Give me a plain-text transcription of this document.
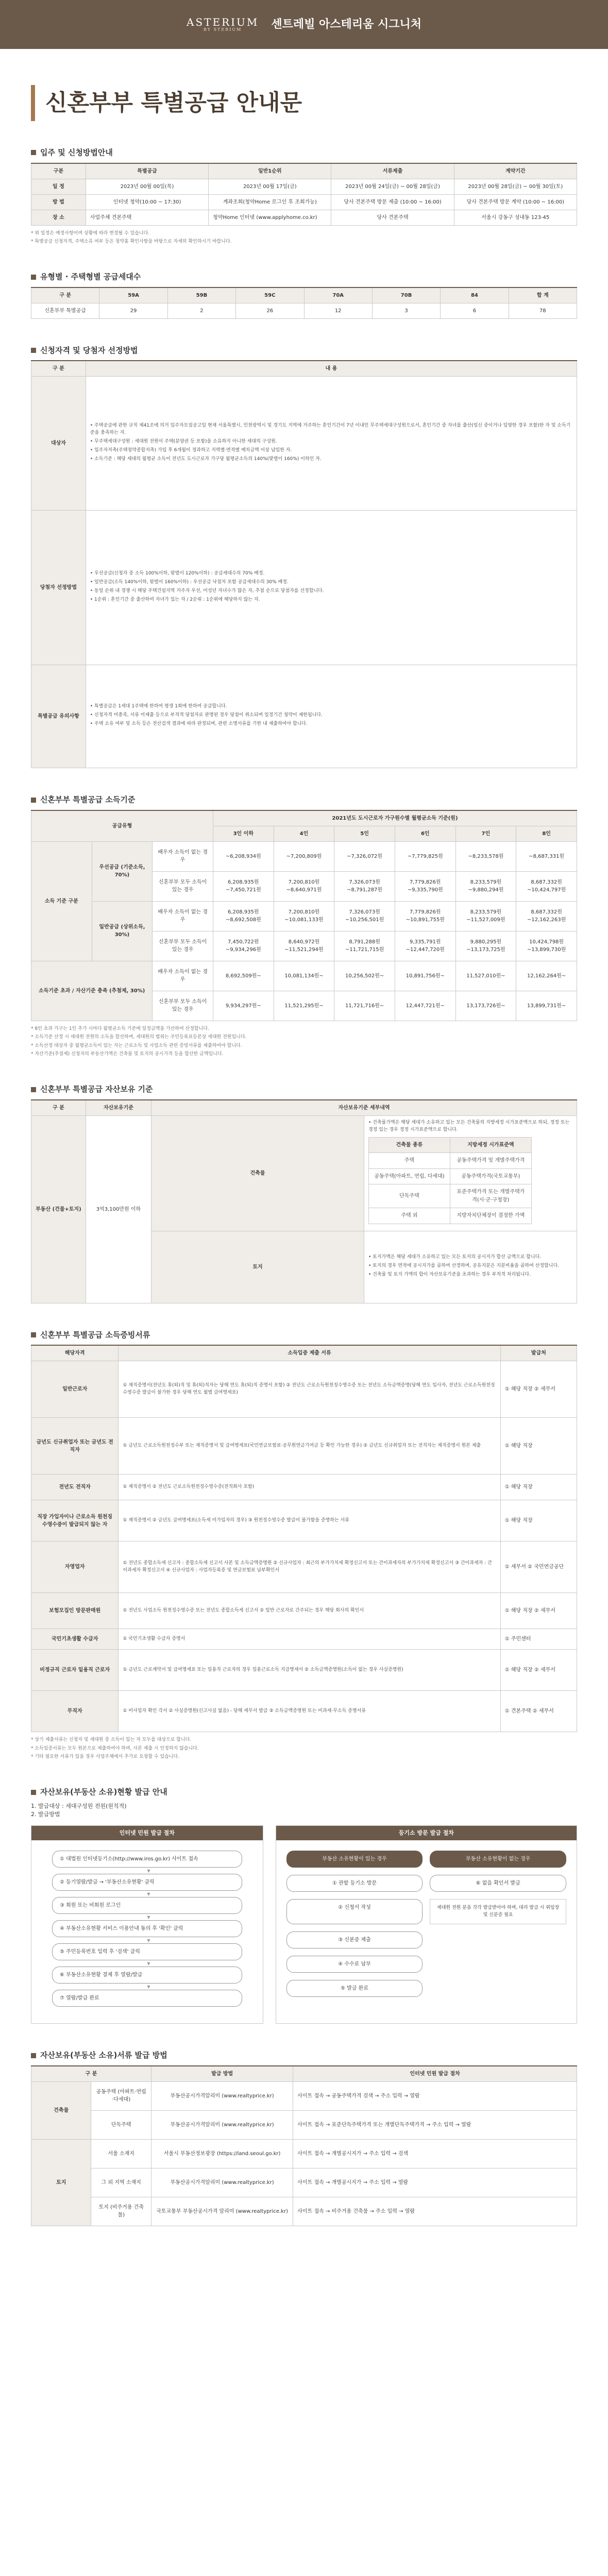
ASTERIUM
BY STERIUM	센트레빌 아스테리움 시그니처
신혼부부 특별공급 안내문
입주 및 신청방법안내
구분	특별공급	일반1순위	서류제출	계약기간
일 정	2023년 00월 00일(목)	2023년 00월 17일(금)	2023년 00월 24일(금) ~ 00월 28일(금)	2023년 00월 28일(금) ~ 00월 30일(토)
방 법	인터넷 청약(10:00 ~ 17:30)	계좌조회(청약Home 로그인 후 조회가능)	당사 견본주택 방문 제출 (10:00 ~ 16:00)	당사 견본주택 방문 계약 (10:00 ~ 16:00)
장 소	사업주체 견본주택	청약Home 인터넷 (www.applyhome.co.kr)	당사 견본주택	서울시 강동구 성내동 123-45

* 위 일정은 예정사항이며 상황에 따라 변경될 수 있습니다.

* 특별공급 신청자격, 주택소유 여부 등은 청약홈 확인사항을 바탕으로 자세히 확인하시기 바랍니다.

유형별 · 주택형별 공급세대수
구 분	59A	59B	59C	70A	70B	84	합 계
신혼부부 특별공급	29	2	26	12	3	6	78
신청자격 및 당첨자 선정방법
구 분	내 용
대상자	• 주택공급에 관한 규칙 제41조에 의거 입주자모집공고일 현재 서울특별시, 인천광역시 및 경기도 지역에 거주하는 혼인기간이 7년 이내인 무주택세대구성원으로서, 혼인기간 중 자녀를 출산(임신 중이거나 입양한 경우 포함)한 자 및 소득기준을 충족하는 자.

• 무주택세대구성원 : 세대원 전원이 주택(분양권 등 포함)을 소유하지 아니한 세대의 구성원.

• 입주자저축(주택청약종합저축) 가입 후 6개월이 경과하고 지역별·면적별 예치금액 이상 납입한 자.

• 소득기준 : 해당 세대의 월평균 소득이 전년도 도시근로자 가구당 월평균소득의 140%(맞벌이 160%) 이하인 자.

당첨자 선정방법	• 우선공급(신청자 중 소득 100%이하, 맞벌이 120%이하) : 공급세대수의 70% 배정.

• 일반공급(소득 140%이하, 맞벌이 160%이하) : 우선공급 낙첨자 포함 공급세대수의 30% 배정.

• 동일 순위 내 경쟁 시 해당 주택건설지역 거주자 우선, 미성년 자녀수가 많은 자, 추첨 순으로 당첨자를 선정합니다.

• 1순위 : 혼인기간 중 출산하여 자녀가 있는 자 / 2순위 : 1순위에 해당하지 않는 자.

특별공급 유의사항	• 특별공급은 1세대 1주택에 한하여 평생 1회에 한하여 공급합니다.

• 신청자격 미충족, 서류 미제출 등으로 부적격 당첨자로 판명된 경우 당첨이 취소되며 일정기간 청약이 제한됩니다.

• 주택 소유 여부 및 소득 등은 전산검색 결과에 따라 판정되며, 관련 소명서류를 기한 내 제출하여야 합니다.

신혼부부 특별공급 소득기준
공급유형			2021년도 도시근로자 가구원수별 월평균소득 기준(원)					
			3인 이하	4인	5인	6인	7인	8인
소득 기준 구분	우선공급 (기준소득, 70%)	배우자 소득이 없는 경우	~6,208,934원	~7,200,809원	~7,326,072원	~7,779,825원	~8,233,578원	~8,687,331원
		신혼부부 모두 소득이 있는 경우	6,208,935원 ~7,450,721원	7,200,810원 ~8,640,971원	7,326,073원 ~8,791,287원	7,779,826원 ~9,335,790원	8,233,579원 ~9,880,294원	8,687,332원 ~10,424,797원
	일반공급 (상위소득, 30%)	배우자 소득이 없는 경우	6,208,935원 ~8,692,508원	7,200,810원 ~10,081,133원	7,326,073원 ~10,256,501원	7,779,826원 ~10,891,755원	8,233,579원 ~11,527,009원	8,687,332원 ~12,162,263원
		신혼부부 모두 소득이 있는 경우	7,450,722원 ~9,934,296원	8,640,972원 ~11,521,294원	8,791,288원 ~11,721,715원	9,335,791원 ~12,447,720원	9,880,295원 ~13,173,725원	10,424,798원 ~13,899,730원
소득기준 초과 / 자산기준 충족 (추첨제, 30%)		배우자 소득이 없는 경우	8,692,509원~	10,081,134원~	10,256,502원~	10,891,756원~	11,527,010원~	12,162,264원~
		신혼부부 모두 소득이 있는 경우	9,934,297원~	11,521,295원~	11,721,716원~	12,447,721원~	13,173,726원~	13,899,731원~

* 8인 초과 가구는 1인 추가 시마다 월평균소득 기준에 일정금액을 가산하여 산정합니다.

* 소득기준 산정 시 세대원 전원의 소득을 합산하며, 세대원의 범위는 주민등록표등본상 세대원 전원입니다.

* 소득산정 대상자 중 월평균소득이 있는 자는 근로소득 및 사업소득 관련 증빙서류를 제출하여야 합니다.

* 자산기준(추첨제) 신청자의 부동산가액은 건축물 및 토지의 공시가격 등을 합산한 금액입니다.

신혼부부 특별공급 자산보유 기준
구 분	자산보유기준	자산보유기준 세부내역
부동산 (건물+토지)	3억3,100만원 이하	건축물	

• 건축물가액은 해당 세대가 소유하고 있는 모든 건축물의 지방세정 시가표준액으로 하되, 정정 또는 경정 있는 경우 정정 시가표준액으로 합니다.

건축물 종류	지방세정 시가표준액
주택	공동주택가격 및 개별주택가격
공동주택(아파트, 연립, 다세대)	공동주택가격(국토교통부)
단독주택	표준주택가격 또는 개별주택가격(시·군·구청장)
주택 외	지방자치단체장이 결정한 가액

토지	

• 토지가액은 해당 세대가 소유하고 있는 모든 토지의 공시지가 합산 금액으로 합니다.

• 토지의 경우 면적에 공시지가를 곱하여 산정하며, 공유지분은 지분비율을 곱하여 산정합니다.

• 건축물 및 토지 가액의 합이 자산보유기준을 초과하는 경우 부적격 처리됩니다.

신혼부부 특별공급 소득증빙서류
해당자격	소득입증 제출 서류	발급처
일반근로자	① 재직증명서(전년도 휴(퇴)직 및 휴(퇴)직자는 당해 연도 휴(퇴)직 증명서 포함) ② 전년도 근로소득원천징수영수증 또는 전년도 소득금액증명(당해 연도 입사자, 전년도 근로소득원천징수영수증 발급이 불가한 경우 당해 연도 월별 급여명세표)	① 해당 직장 ② 세무서
금년도 신규취업자 또는 금년도 전직자	① 금년도 근로소득원천징수부 또는 재직증명서 및 급여명세표(국민연금보험료·공무원연금기여금 등 확인 가능한 경우) ② 금년도 신규취업자 또는 전직자는 재직증명서 원본 제출	① 해당 직장
전년도 전직자	① 재직증명서 ② 전년도 근로소득원천징수영수증(전직회사 포함)	① 해당 직장
직장 가입자이나 근로소득 원천징수영수증이 발급되지 않는 자	① 재직증명서 ② 금년도 급여명세표(소득세 미가입자의 경우) ③ 원천징수영수증 발급이 불가함을 증명하는 서류	① 해당 직장
자영업자	① 전년도 종합소득세 신고자 : 종합소득세 신고서 사본 및 소득금액증명원 ② 신규사업자 : 최근의 부가가치세 확정신고서 또는 간이과세자의 부가가치세 확정신고서 ③ 간이과세자 : 간이과세자 확정신고서 ④ 신규사업자 : 사업자등록증 및 연금보험료 납부확인서	① 세무서 ② 국민연금공단
보험모집인 방문판매원	① 전년도 사업소득 원천징수영수증 또는 전년도 종합소득세 신고서 ② 일반 근로자로 간주되는 경우 해당 회사의 확인서	① 해당 직장 ② 세무서
국민기초생활 수급자	① 국민기초생활 수급자 증명서	① 주민센터
비정규직 근로자 일용직 근로자	① 금년도 근로계약서 및 급여명세표 또는 일용직 근로자의 경우 일용근로소득 지급명세서 ② 소득금액증명원(소득이 없는 경우 사실증명원)	① 해당 직장 ② 세무서
무직자	① 비사업자 확인 각서 ② 사실증명원(신고사실 없음) - 당해 세무서 발급 ③ 소득금액증명원 또는 비과세·무소득 증명서류	① 견본주택 ② 세무서

* 상기 제출서류는 신청자 및 세대원 중 소득이 있는 자 모두를 대상으로 합니다.

* 소득입증서류는 모두 원본으로 제출하여야 하며, 사본 제출 시 인정하지 않습니다.

* 기타 필요한 서류가 있을 경우 사업주체에서 추가로 요청할 수 있습니다.

자산보유(부동산 소유)현황 발급 안내

1. 발급대상 : 세대구성원 전원(원칙적)

2. 발급방법

인터넷 민원 발급 절차
① 대법원 인터넷등기소(http://www.iros.go.kr) 사이트 접속 ▼
② 등기열람/발급 → '부동산소유현황' 클릭 ▼
③ 회원 또는 비회원 로그인 ▼
④ 부동산소유현황 서비스 이용안내 동의 후 '확인' 클릭 ▼
⑤ 주민등록번호 입력 후 '검색' 클릭 ▼
⑥ 부동산소유현황 결제 후 열람/발급 ▼
⑦ 열람/발급 완료
등기소 방문 발급 절차
부동산 소유현황이 있는 경우	부동산 소유현황이 없는 경우
① 관할 등기소 방문	⑥ 없음 확인서 발급
② 신청서 작성	세대원 전원 분을 각각 발급받아야 하며, 대리 발급 시 위임장 및 신분증 필요
③ 신분증 제출
④ 수수료 납부
⑤ 발급 완료
자산보유(부동산 소유)서류 발급 방법
구 분		발급 방법	인터넷 민원 발급 절차
건축물	공동주택 (아파트·연립·다세대)	부동산공시가격알리미 (www.realtyprice.kr)	사이트 접속 → 공동주택가격 검색 → 주소 입력 → 열람
	단독주택	부동산공시가격알리미 (www.realtyprice.kr)	사이트 접속 → 표준단독주택가격 또는 개별단독주택가격 → 주소 입력 → 열람
토지	서울 소재지	서울시 부동산정보광장 (https://land.seoul.go.kr)	사이트 접속 → 개별공시지가 → 주소 입력 → 검색
	그 외 지역 소재지	부동산공시가격알리미 (www.realtyprice.kr)	사이트 접속 → 개별공시지가 → 주소 입력 → 열람
	토지 (비주거용 건축물)	국토교통부 부동산공시가격 알리미 (www.realtyprice.kr)	사이트 접속 → 비주거용 건축물 → 주소 입력 → 열람
